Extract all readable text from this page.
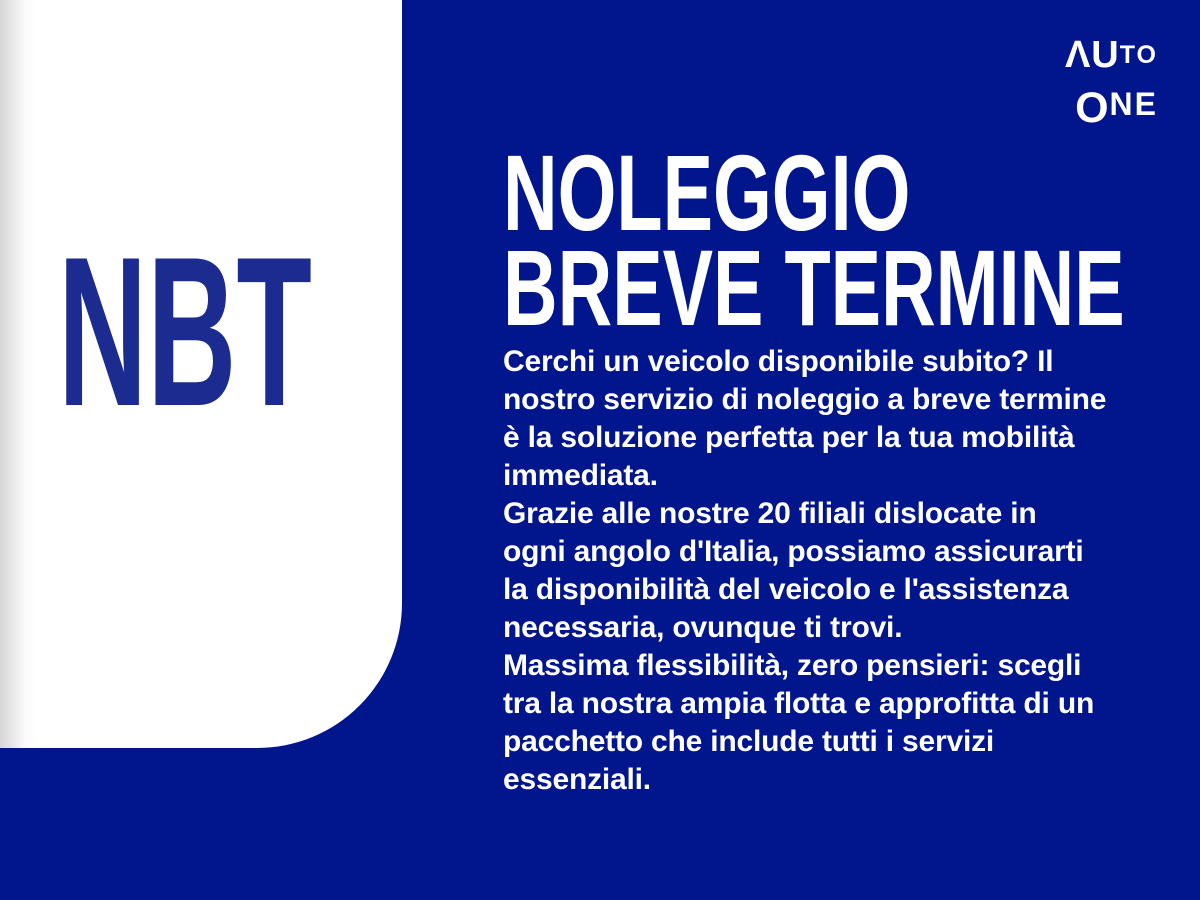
NBT
ΛUTO
ONE
NOLEGGIO
BREVE TERMINE
Cerchi un veicolo disponibile subito? Il
nostro servizio di noleggio a breve termine
è la soluzione perfetta per la tua mobilità
immediata.
Grazie alle nostre 20 filiali dislocate in
ogni angolo d'Italia, possiamo assicurarti
la disponibilità del veicolo e l'assistenza
necessaria, ovunque ti trovi.
Massima flessibilità, zero pensieri: scegli
tra la nostra ampia flotta e approfitta di un
pacchetto che include tutti i servizi
essenziali.
